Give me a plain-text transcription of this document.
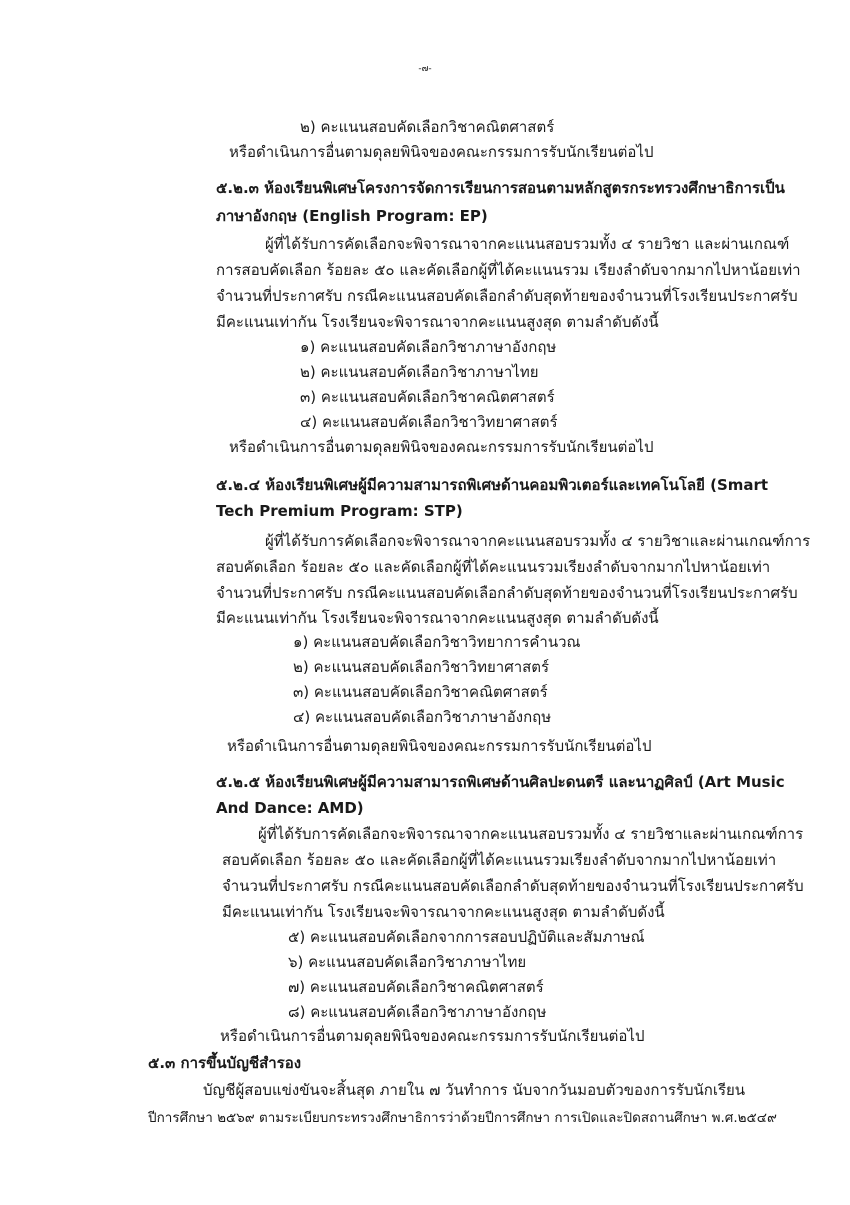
-๗-
๒) คะแนนสอบคัดเลือกวิชาคณิตศาสตร์
หรือดำเนินการอื่นตามดุลยพินิจของคณะกรรมการรับนักเรียนต่อไป
๕.๒.๓ ห้องเรียนพิเศษโครงการจัดการเรียนการสอนตามหลักสูตรกระทรวงศึกษาธิการเป็น
ภาษาอังกฤษ (English Program: EP)
ผู้ที่ได้รับการคัดเลือกจะพิจารณาจากคะแนนสอบรวมทั้ง ๔ รายวิชา และผ่านเกณฑ์
การสอบคัดเลือก ร้อยละ ๕๐ และคัดเลือกผู้ที่ได้คะแนนรวม เรียงลำดับจากมากไปหาน้อยเท่า
จำนวนที่ประกาศรับ กรณีคะแนนสอบคัดเลือกลำดับสุดท้ายของจำนวนที่โรงเรียนประกาศรับ
มีคะแนนเท่ากัน โรงเรียนจะพิจารณาจากคะแนนสูงสุด ตามลำดับดังนี้
๑) คะแนนสอบคัดเลือกวิชาภาษาอังกฤษ
๒) คะแนนสอบคัดเลือกวิชาภาษาไทย
๓) คะแนนสอบคัดเลือกวิชาคณิตศาสตร์
๔) คะแนนสอบคัดเลือกวิชาวิทยาศาสตร์
หรือดำเนินการอื่นตามดุลยพินิจของคณะกรรมการรับนักเรียนต่อไป
๕.๒.๔ ห้องเรียนพิเศษผู้มีความสามารถพิเศษด้านคอมพิวเตอร์และเทคโนโลยี (Smart
Tech Premium Program: STP)
ผู้ที่ได้รับการคัดเลือกจะพิจารณาจากคะแนนสอบรวมทั้ง ๔ รายวิชาและผ่านเกณฑ์การ
สอบคัดเลือก ร้อยละ ๕๐ และคัดเลือกผู้ที่ได้คะแนนรวมเรียงลำดับจากมากไปหาน้อยเท่า
จำนวนที่ประกาศรับ กรณีคะแนนสอบคัดเลือกลำดับสุดท้ายของจำนวนที่โรงเรียนประกาศรับ
มีคะแนนเท่ากัน โรงเรียนจะพิจารณาจากคะแนนสูงสุด ตามลำดับดังนี้
๑) คะแนนสอบคัดเลือกวิชาวิทยาการคำนวณ
๒) คะแนนสอบคัดเลือกวิชาวิทยาศาสตร์
๓) คะแนนสอบคัดเลือกวิชาคณิตศาสตร์
๔) คะแนนสอบคัดเลือกวิชาภาษาอังกฤษ
หรือดำเนินการอื่นตามดุลยพินิจของคณะกรรมการรับนักเรียนต่อไป
๕.๒.๕ ห้องเรียนพิเศษผู้มีความสามารถพิเศษด้านศิลปะดนตรี และนาฏศิลป์ (Art Music
And Dance: AMD)
ผู้ที่ได้รับการคัดเลือกจะพิจารณาจากคะแนนสอบรวมทั้ง ๔ รายวิชาและผ่านเกณฑ์การ
สอบคัดเลือก ร้อยละ ๕๐ และคัดเลือกผู้ที่ได้คะแนนรวมเรียงลำดับจากมากไปหาน้อยเท่า
จำนวนที่ประกาศรับ กรณีคะแนนสอบคัดเลือกลำดับสุดท้ายของจำนวนที่โรงเรียนประกาศรับ
มีคะแนนเท่ากัน โรงเรียนจะพิจารณาจากคะแนนสูงสุด ตามลำดับดังนี้
๕) คะแนนสอบคัดเลือกจากการสอบปฏิบัติและสัมภาษณ์
๖) คะแนนสอบคัดเลือกวิชาภาษาไทย
๗) คะแนนสอบคัดเลือกวิชาคณิตศาสตร์
๘) คะแนนสอบคัดเลือกวิชาภาษาอังกฤษ
หรือดำเนินการอื่นตามดุลยพินิจของคณะกรรมการรับนักเรียนต่อไป
๕.๓ การขึ้นบัญชีสำรอง
บัญชีผู้สอบแข่งขันจะสิ้นสุด ภายใน ๗ วันทำการ นับจากวันมอบตัวของการรับนักเรียน
ปีการศึกษา ๒๕๖๙ ตามระเบียบกระทรวงศึกษาธิการว่าด้วยปีการศึกษา การเปิดและปิดสถานศึกษา พ.ศ.๒๕๔๙
